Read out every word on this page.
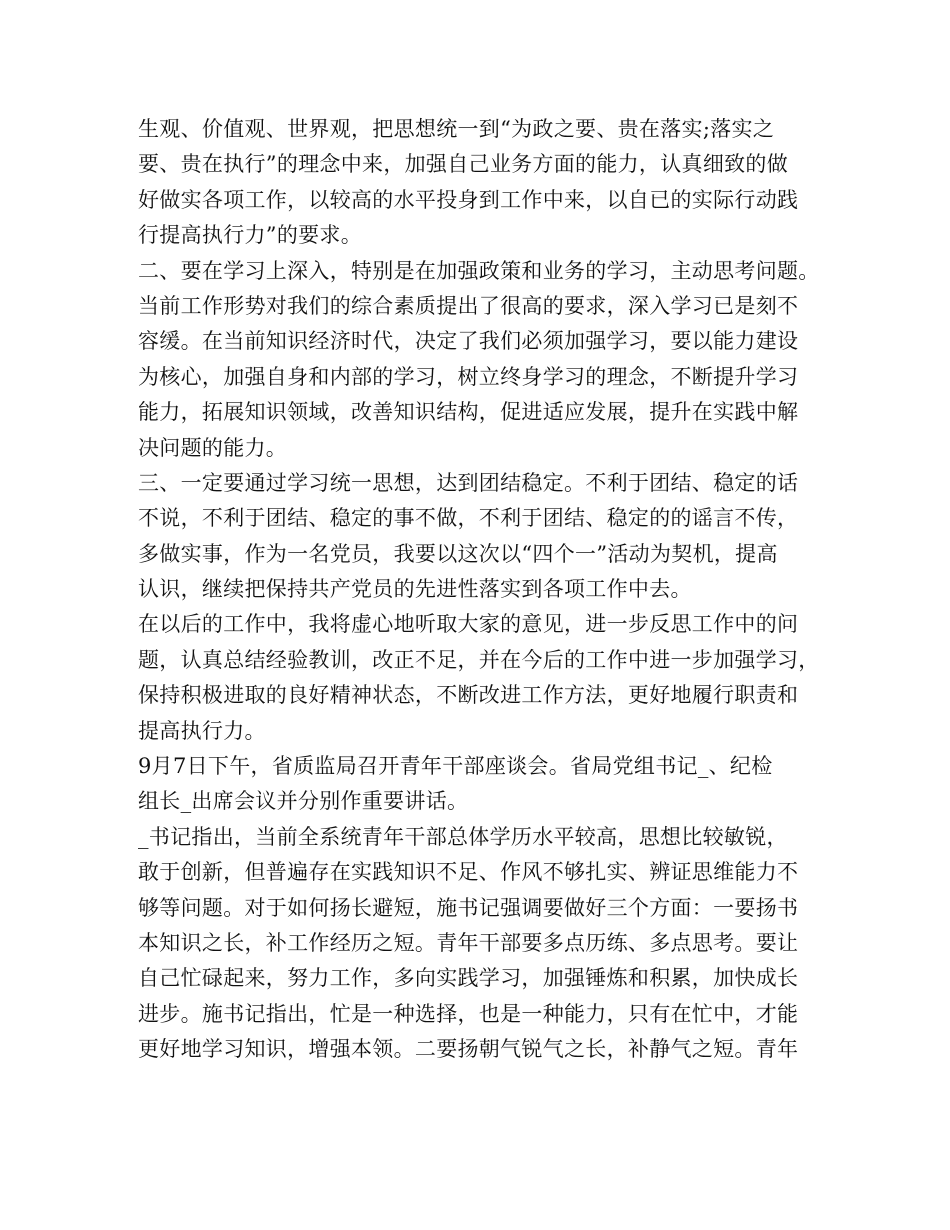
生观、价值观、世界观，把思想统一到“为政之要、贵在落实;落实之
要、贵在执行”的理念中来，加强自己业务方面的能力，认真细致的做
好做实各项工作，以较高的水平投身到工作中来，以自已的实际行动践
行提高执行力”的要求。
二、要在学习上深入，特别是在加强政策和业务的学习，主动思考问题。
当前工作形势对我们的综合素质提出了很高的要求，深入学习已是刻不
容缓。在当前知识经济时代，决定了我们必须加强学习，要以能力建设
为核心，加强自身和内部的学习，树立终身学习的理念，不断提升学习
能力，拓展知识领域，改善知识结构，促进适应发展，提升在实践中解
决问题的能力。
三、一定要通过学习统一思想，达到团结稳定。不利于团结、稳定的话
不说，不利于团结、稳定的事不做，不利于团结、稳定的的谣言不传，
多做实事，作为一名党员，我要以这次以“四个一”活动为契机，提高
认识，继续把保持共产党员的先进性落实到各项工作中去。
在以后的工作中，我将虚心地听取大家的意见，进一步反思工作中的问
题，认真总结经验教训，改正不足，并在今后的工作中进一步加强学习，
保持积极进取的良好精神状态，不断改进工作方法，更好地履行职责和
提高执行力。
9月7日下午，省质监局召开青年干部座谈会。省局党组书记_、纪检
组长_出席会议并分别作重要讲话。
_书记指出，当前全系统青年干部总体学历水平较高，思想比较敏锐，
敢于创新，但普遍存在实践知识不足、作风不够扎实、辨证思维能力不
够等问题。对于如何扬长避短，施书记强调要做好三个方面：一要扬书
本知识之长，补工作经历之短。青年干部要多点历练、多点思考。要让
自己忙碌起来，努力工作，多向实践学习，加强锤炼和积累，加快成长
进步。施书记指出，忙是一种选择，也是一种能力，只有在忙中，才能
更好地学习知识，增强本领。二要扬朝气锐气之长，补静气之短。青年
